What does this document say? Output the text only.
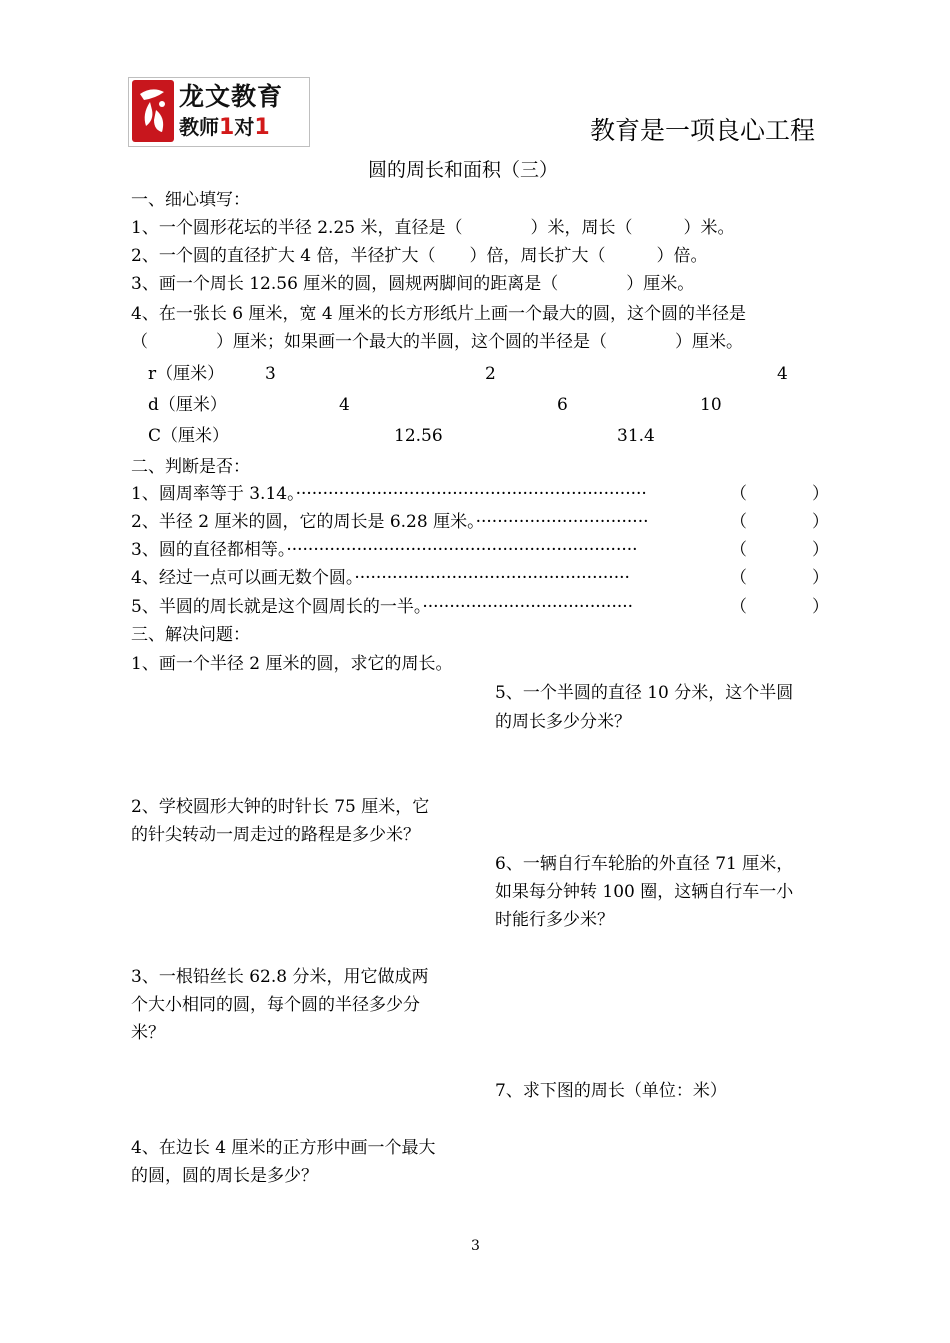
龙文教育
教师1对1	教育是一项良心工程
圆的周长和面积（三）
一、细心填写：
1、一个圆形花坛的半径 2.25 米，直径是（　　　　）米，周长（　　　）米。
2、一个圆的直径扩大 4 倍，半径扩大（　　）倍，周长扩大（　　　）倍。
3、画一个周长 12.56 厘米的圆，圆规两脚间的距离是（　　　　）厘米。
4、在一张长 6 厘米，宽 4 厘米的长方形纸片上画一个最大的圆，这个圆的半径是
（　　　　）厘米；如果画一个最大的半圆，这个圆的半径是（　　　　）厘米。
r（厘米） 3	2	4
d（厘米）	4	6	10
C（厘米）	12.56	31.4
二、判断是否：
1、圆周率等于 3.14。·································································	（	）
2、半径 2 厘米的圆，它的周长是 6.28 厘米。································	（	）
3、圆的直径都相等。·································································	（	）
4、经过一点可以画无数个圆。···················································	（	）
5、半圆的周长就是这个圆周长的一半。·······································	（	）
三、解决问题：
1、画一个半径 2 厘米的圆，求它的周长。
5、一个半圆的直径 10 分米，这个半圆
的周长多少分米？
2、学校圆形大钟的时针长 75 厘米，它
的针尖转动一周走过的路程是多少米？
6、一辆自行车轮胎的外直径 71 厘米，
如果每分钟转 100 圈，这辆自行车一小
时能行多少米？
3、一根铅丝长 62.8 分米，用它做成两
个大小相同的圆，每个圆的半径多少分
米？
7、求下图的周长（单位：米）
4、在边长 4 厘米的正方形中画一个最大
的圆，圆的周长是多少？
3
